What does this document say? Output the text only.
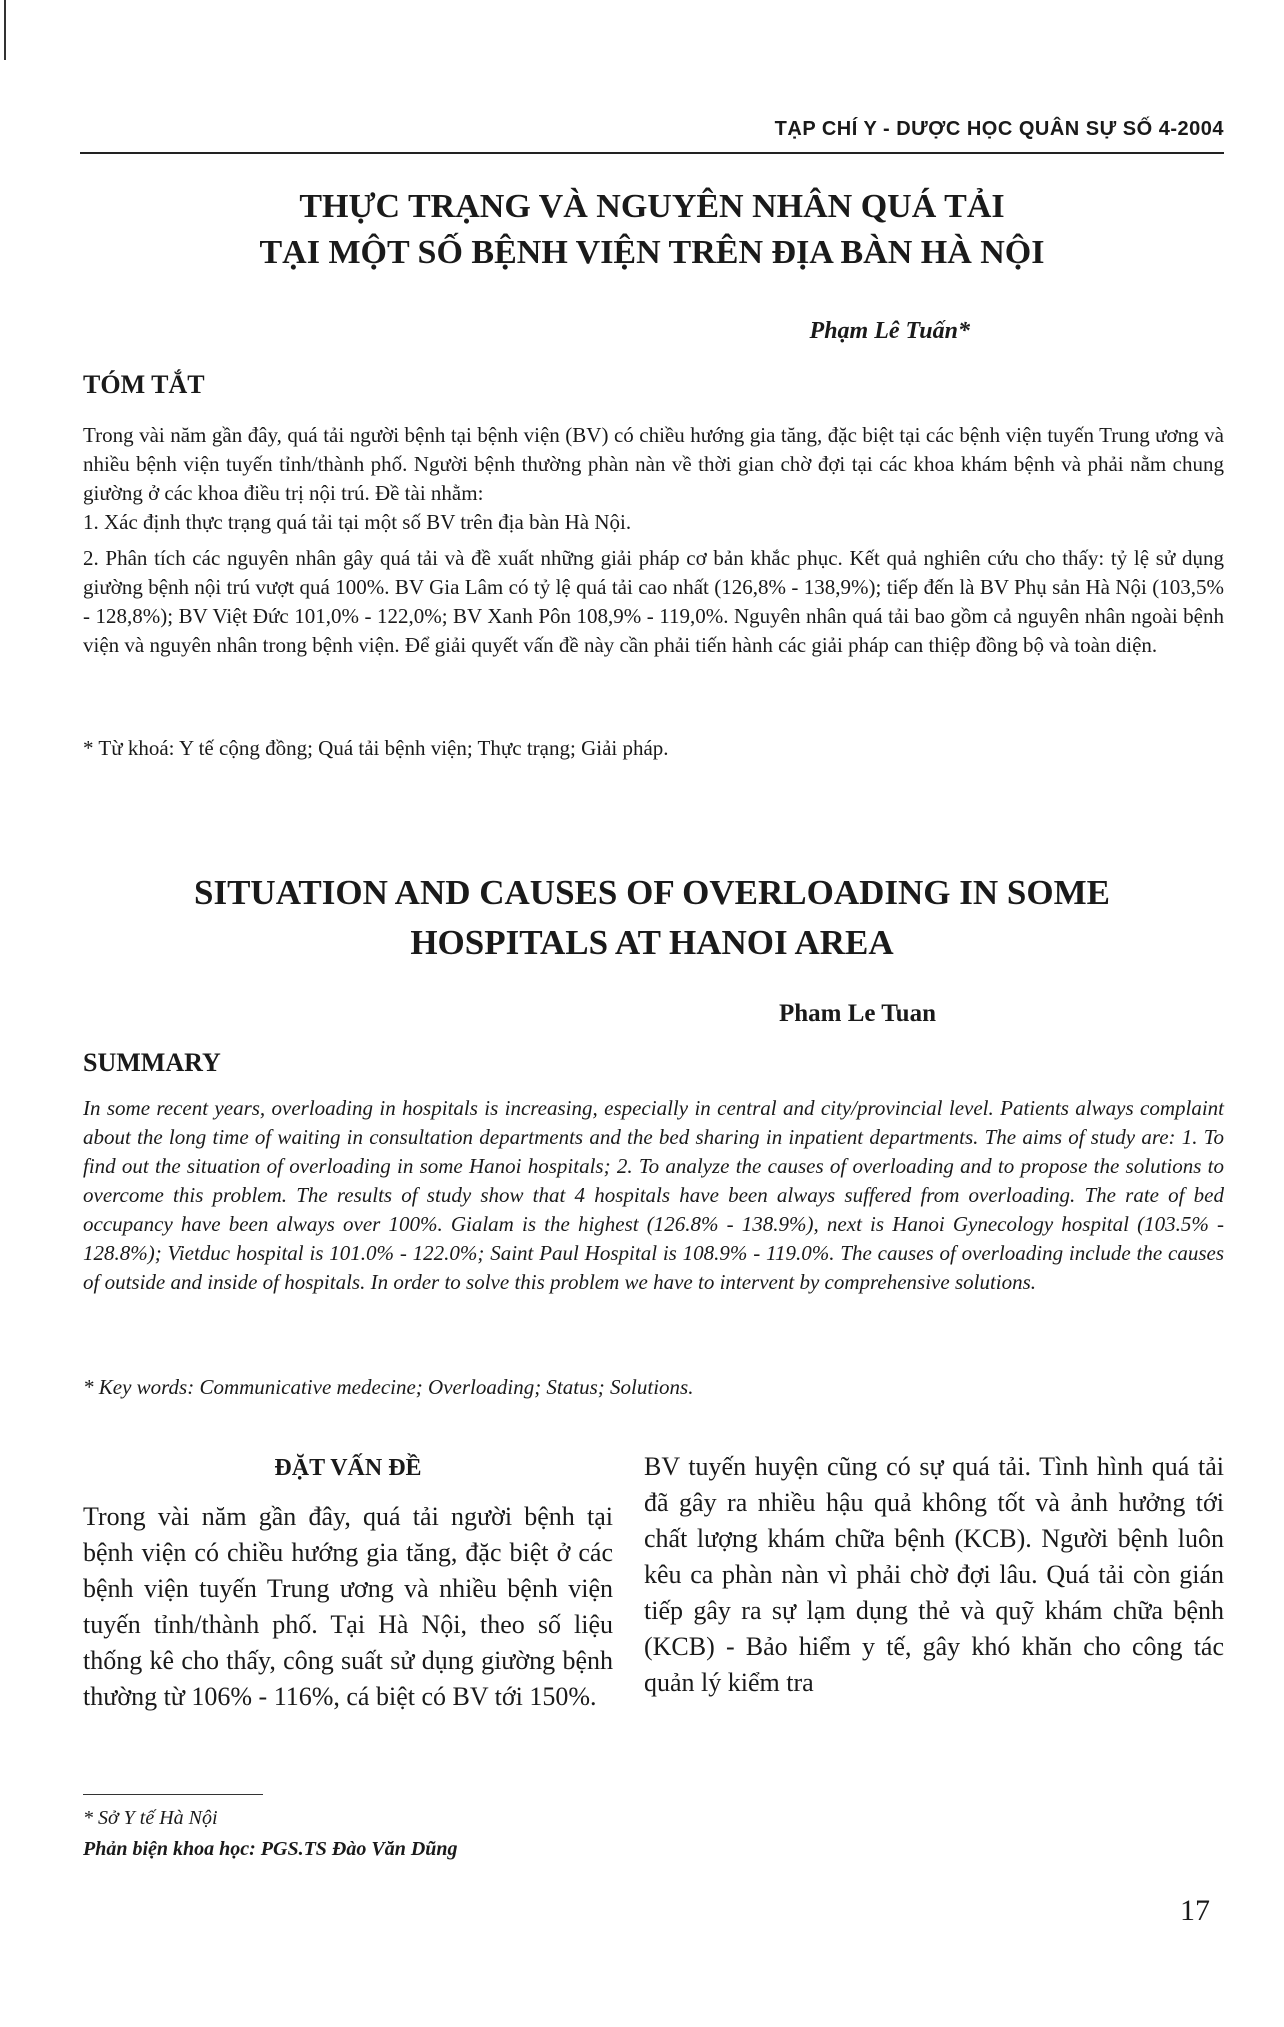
TẠP CHÍ Y - DƯỢC HỌC QUÂN SỰ SỐ 4-2004
THỰC TRẠNG VÀ NGUYÊN NHÂN QUÁ TẢI
TẠI MỘT SỐ BỆNH VIỆN TRÊN ĐỊA BÀN HÀ NỘI
Phạm Lê Tuấn*
TÓM TẮT

Trong vài năm gần đây, quá tải người bệnh tại bệnh viện (BV) có chiều hướng gia tăng, đặc biệt tại các bệnh viện tuyến Trung ương và nhiều bệnh viện tuyến tỉnh/thành phố. Người bệnh thường phàn nàn về thời gian chờ đợi tại các khoa khám bệnh và phải nằm chung giường ở các khoa điều trị nội trú. Đề tài nhằm:

1. Xác định thực trạng quá tải tại một số BV trên địa bàn Hà Nội.

2. Phân tích các nguyên nhân gây quá tải và đề xuất những giải pháp cơ bản khắc phục. Kết quả nghiên cứu cho thấy: tỷ lệ sử dụng giường bệnh nội trú vượt quá 100%. BV Gia Lâm có tỷ lệ quá tải cao nhất (126,8% - 138,9%); tiếp đến là BV Phụ sản Hà Nội (103,5% - 128,8%); BV Việt Đức 101,0% - 122,0%; BV Xanh Pôn 108,9% - 119,0%. Nguyên nhân quá tải bao gồm cả nguyên nhân ngoài bệnh viện và nguyên nhân trong bệnh viện. Để giải quyết vấn đề này cần phải tiến hành các giải pháp can thiệp đồng bộ và toàn diện.

* Từ khoá: Y tế cộng đồng; Quá tải bệnh viện; Thực trạng; Giải pháp.

SITUATION AND CAUSES OF OVERLOADING IN SOME
HOSPITALS AT HANOI AREA
Pham Le Tuan
SUMMARY

In some recent years, overloading in hospitals is increasing, especially in central and city/provincial level. Patients always complaint about the long time of waiting in consultation departments and the bed sharing in inpatient departments. The aims of study are: 1. To find out the situation of overloading in some Hanoi hospitals; 2. To analyze the causes of overloading and to propose the solutions to overcome this problem. The results of study show that 4 hospitals have been always suffered from overloading. The rate of bed occupancy have been always over 100%. Gialam is the highest (126.8% - 138.9%), next is Hanoi Gynecology hospital (103.5% - 128.8%); Vietduc hospital is 101.0% - 122.0%; Saint Paul Hospital is 108.9% - 119.0%. The causes of overloading include the causes of outside and inside of hospitals. In order to solve this problem we have to intervent by comprehensive solutions.

* Key words: Communicative medecine; Overloading; Status; Solutions.

ĐẶT VẤN ĐỀ

Trong vài năm gần đây, quá tải người bệnh tại bệnh viện có chiều hướng gia tăng, đặc biệt ở các bệnh viện tuyến Trung ương và nhiều bệnh viện tuyến tỉnh/thành phố. Tại Hà Nội, theo số liệu thống kê cho thấy, công suất sử dụng giường bệnh thường từ 106% - 116%, cá biệt có BV tới 150%.

BV tuyến huyện cũng có sự quá tải. Tình hình quá tải đã gây ra nhiều hậu quả không tốt và ảnh hưởng tới chất lượng khám chữa bệnh (KCB). Người bệnh luôn kêu ca phàn nàn vì phải chờ đợi lâu. Quá tải còn gián tiếp gây ra sự lạm dụng thẻ và quỹ khám chữa bệnh (KCB) - Bảo hiểm y tế, gây khó khăn cho công tác quản lý kiểm tra

* Sở Y tế Hà Nội
Phản biện khoa học: PGS.TS Đào Văn Dũng
17
